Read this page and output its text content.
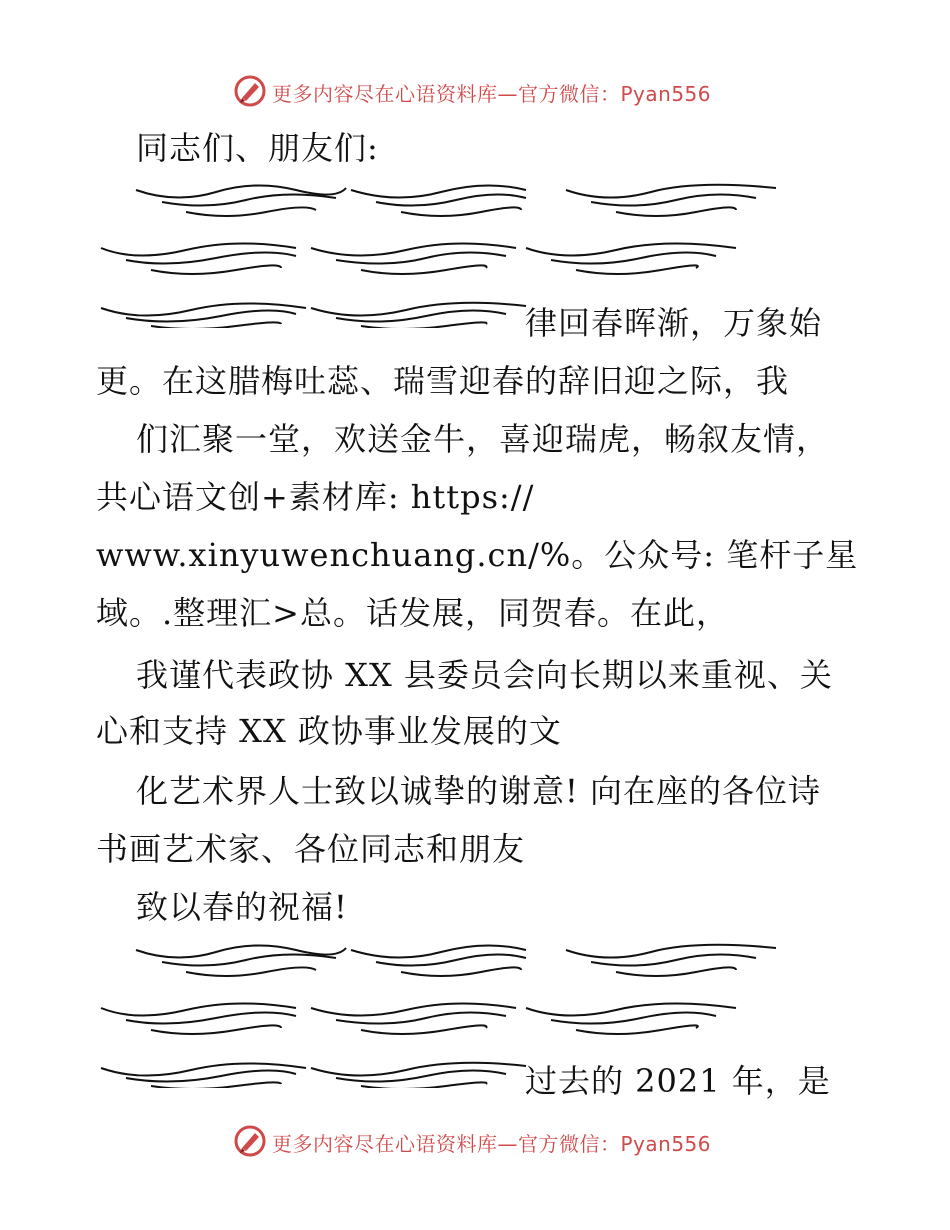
更多内容尽在心语资料库—官方微信：Pyan556
同志们、朋友们:
律回春晖渐，万象始
更。在这腊梅吐蕊、瑞雪迎春的辞旧迎之际，我
们汇聚一堂，欢送金牛，喜迎瑞虎，畅叙友情，
共心语文创+素材库: https://
www.xinyuwenchuang.cn/%。公众号: 笔杆子星
域。.整理汇>总。话发展，同贺春。在此，
我谨代表政协 XX 县委员会向长期以来重视、关
心和支持 XX 政协事业发展的文
化艺术界人士致以诚挚的谢意! 向在座的各位诗
书画艺术家、各位同志和朋友
致以春的祝福!
过去的 2021 年，是
更多内容尽在心语资料库—官方微信：Pyan556
